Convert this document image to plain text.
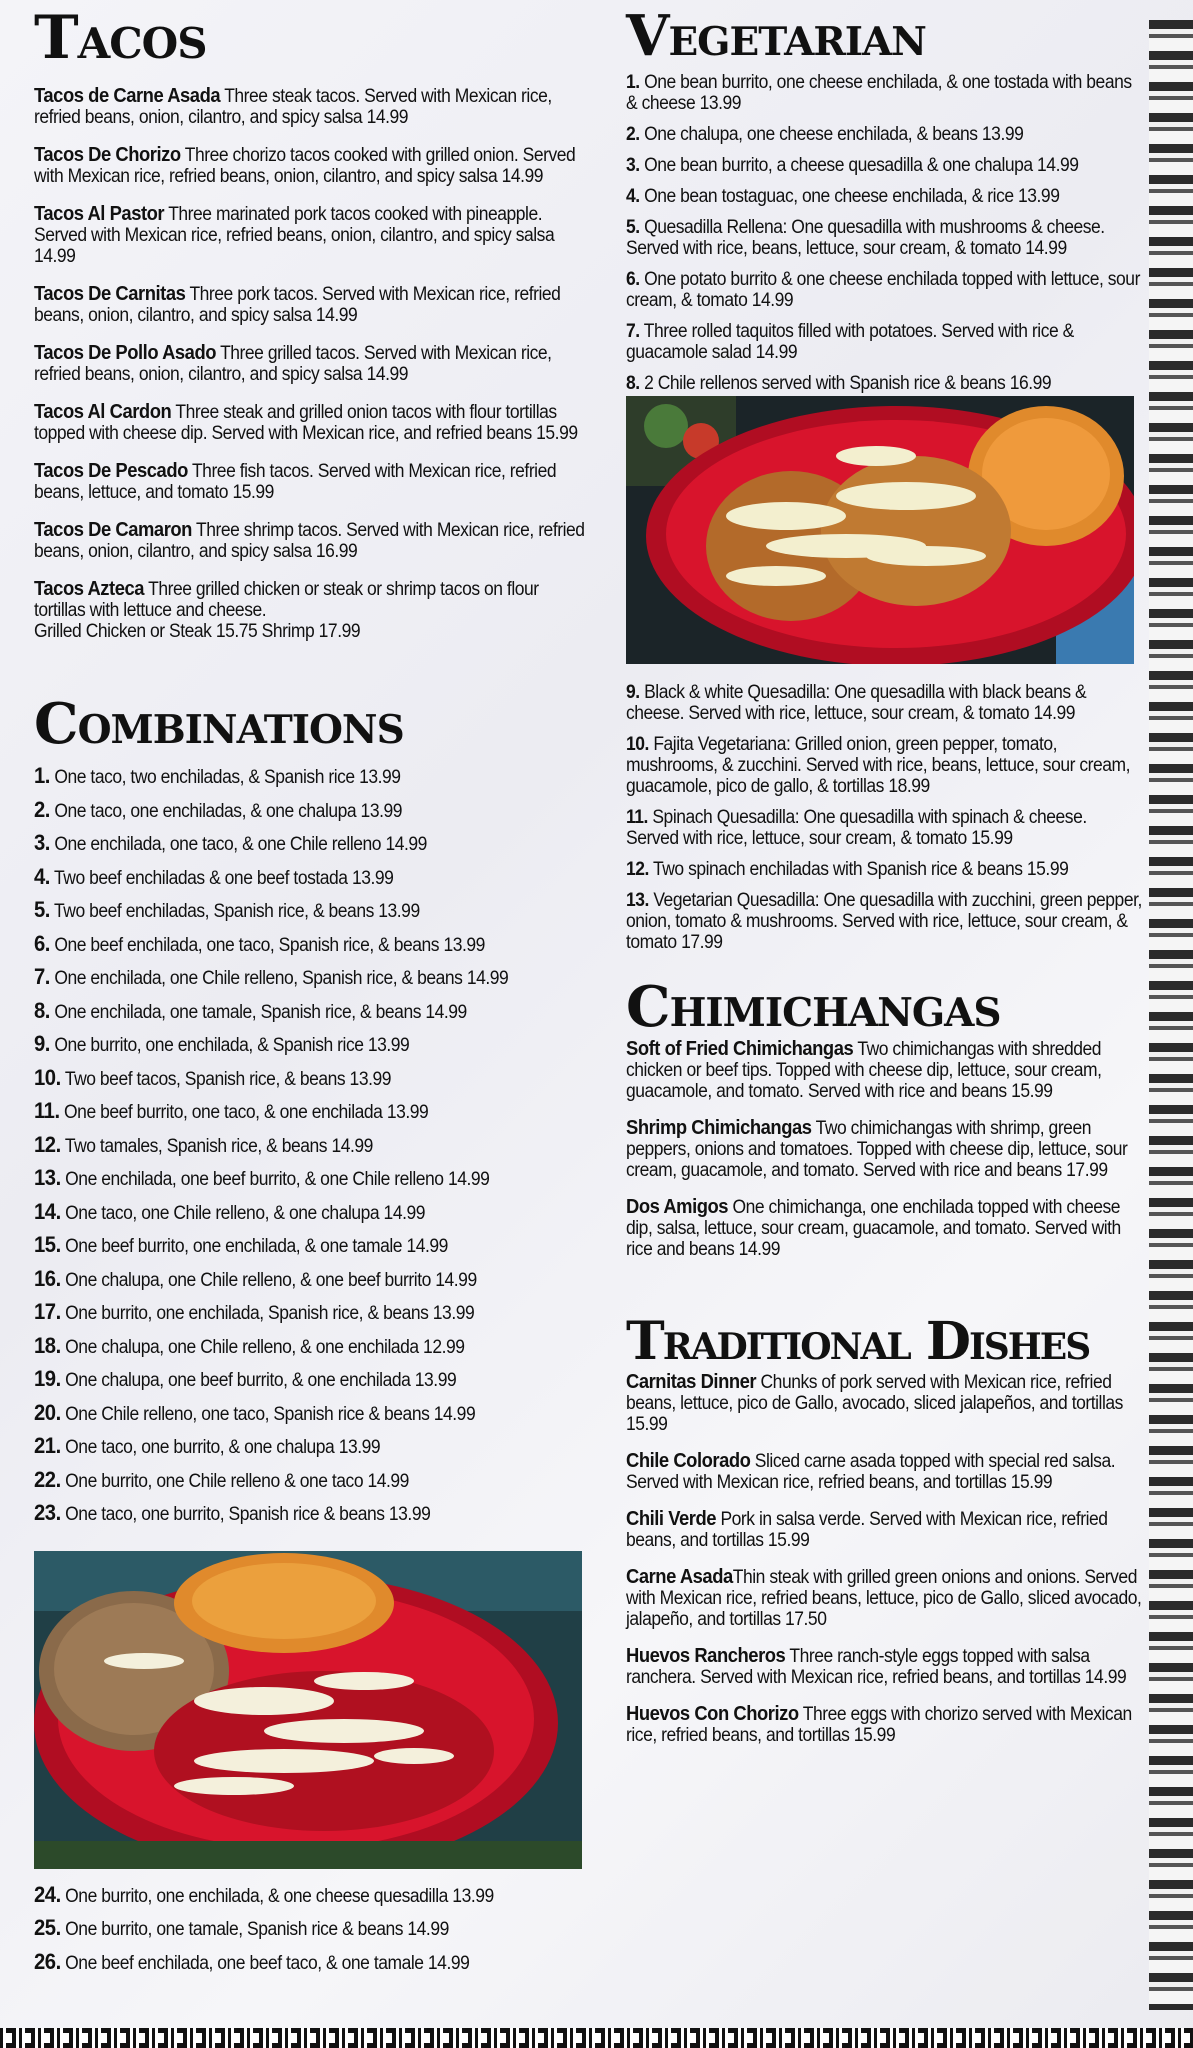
Tacos
Tacos de Carne Asada Three steak tacos. Served with Mexican rice, refried beans, onion, cilantro, and spicy salsa 14.99
Tacos De Chorizo Three chorizo tacos cooked with grilled onion. Served with Mexican rice, refried beans, onion, cilantro, and spicy salsa 14.99
Tacos Al Pastor Three marinated pork tacos cooked with pineapple. Served with Mexican rice, refried beans, onion, cilantro, and spicy salsa 14.99
Tacos De Carnitas Three pork tacos. Served with Mexican rice, refried beans, onion, cilantro, and spicy salsa 14.99
Tacos De Pollo Asado Three grilled tacos. Served with Mexican rice, refried beans, onion, cilantro, and spicy salsa 14.99
Tacos Al Cardon Three steak and grilled onion tacos with flour tortillas topped with cheese dip. Served with Mexican rice, and refried beans 15.99
Tacos De Pescado Three fish tacos. Served with Mexican rice, refried beans, lettuce, and tomato 15.99
Tacos De Camaron Three shrimp tacos. Served with Mexican rice, refried beans, onion, cilantro, and spicy salsa 16.99
Tacos Azteca Three grilled chicken or steak or shrimp tacos on flour tortillas with lettuce and cheese.
Grilled Chicken or Steak 15.75 Shrimp 17.99
Combinations
1. One taco, two enchiladas, & Spanish rice 13.99
2. One taco, one enchiladas, & one chalupa 13.99
3. One enchilada, one taco, & one Chile relleno 14.99
4. Two beef enchiladas & one beef tostada 13.99
5. Two beef enchiladas, Spanish rice, & beans 13.99
6. One beef enchilada, one taco, Spanish rice, & beans 13.99
7. One enchilada, one Chile relleno, Spanish rice, & beans 14.99
8. One enchilada, one tamale, Spanish rice, & beans 14.99
9. One burrito, one enchilada, & Spanish rice 13.99
10. Two beef tacos, Spanish rice, & beans 13.99
11. One beef burrito, one taco, & one enchilada 13.99
12. Two tamales, Spanish rice, & beans 14.99
13. One enchilada, one beef burrito, & one Chile relleno 14.99
14. One taco, one Chile relleno, & one chalupa 14.99
15. One beef burrito, one enchilada, & one tamale 14.99
16. One chalupa, one Chile relleno, & one beef burrito 14.99
17. One burrito, one enchilada, Spanish rice, & beans 13.99
18. One chalupa, one Chile relleno, & one enchilada 12.99
19. One chalupa, one beef burrito, & one enchilada 13.99
20. One Chile relleno, one taco, Spanish rice & beans 14.99
21. One taco, one burrito, & one chalupa 13.99
22. One burrito, one Chile relleno & one taco 14.99
23. One taco, one burrito, Spanish rice & beans 13.99
24. One burrito, one enchilada, & one cheese quesadilla 13.99
25. One burrito, one tamale, Spanish rice & beans 14.99
26. One beef enchilada, one beef taco, & one tamale 14.99
Vegetarian
1. One bean burrito, one cheese enchilada, & one tostada with beans & cheese 13.99
2. One chalupa, one cheese enchilada, & beans 13.99
3. One bean burrito, a cheese quesadilla & one chalupa 14.99
4. One bean tostaguac, one cheese enchilada, & rice 13.99
5. Quesadilla Rellena: One quesadilla with mushrooms & cheese. Served with rice, beans, lettuce, sour cream, & tomato 14.99
6. One potato burrito & one cheese enchilada topped with lettuce, sour cream, & tomato 14.99
7. Three rolled taquitos filled with potatoes. Served with rice & guacamole salad 14.99
8. 2 Chile rellenos served with Spanish rice & beans 16.99
9. Black & white Quesadilla: One quesadilla with black beans & cheese. Served with rice, lettuce, sour cream, & tomato 14.99
10. Fajita Vegetariana: Grilled onion, green pepper, tomato, mushrooms, & zucchini. Served with rice, beans, lettuce, sour cream, guacamole, pico de gallo, & tortillas 18.99
11. Spinach Quesadilla: One quesadilla with spinach & cheese. Served with rice, lettuce, sour cream, & tomato 15.99
12. Two spinach enchiladas with Spanish rice & beans 15.99
13. Vegetarian Quesadilla: One quesadilla with zucchini, green pepper, onion, tomato & mushrooms. Served with rice, lettuce, sour cream, & tomato 17.99
Chimichangas
Soft of Fried Chimichangas Two chimichangas with shredded chicken or beef tips. Topped with cheese dip, lettuce, sour cream, guacamole, and tomato. Served with rice and beans 15.99
Shrimp Chimichangas Two chimichangas with shrimp, green peppers, onions and tomatoes. Topped with cheese dip, lettuce, sour cream, guacamole, and tomato. Served with rice and beans 17.99
Dos Amigos One chimichanga, one enchilada topped with cheese dip, salsa, lettuce, sour cream, guacamole, and tomato. Served with rice and beans 14.99
Traditional Dishes
Carnitas Dinner Chunks of pork served with Mexican rice, refried beans, lettuce, pico de Gallo, avocado, sliced jalapeños, and tortillas 15.99
Chile Colorado Sliced carne asada topped with special red salsa. Served with Mexican rice, refried beans, and tortillas 15.99
Chili Verde Pork in salsa verde. Served with Mexican rice, refried beans, and tortillas 15.99
Carne AsadaThin steak with grilled green onions and onions. Served with Mexican rice, refried beans, lettuce, pico de Gallo, sliced avocado, jalapeño, and tortillas 17.50
Huevos Rancheros Three ranch-style eggs topped with salsa ranchera. Served with Mexican rice, refried beans, and tortillas 14.99
Huevos Con Chorizo Three eggs with chorizo served with Mexican rice, refried beans, and tortillas 15.99
